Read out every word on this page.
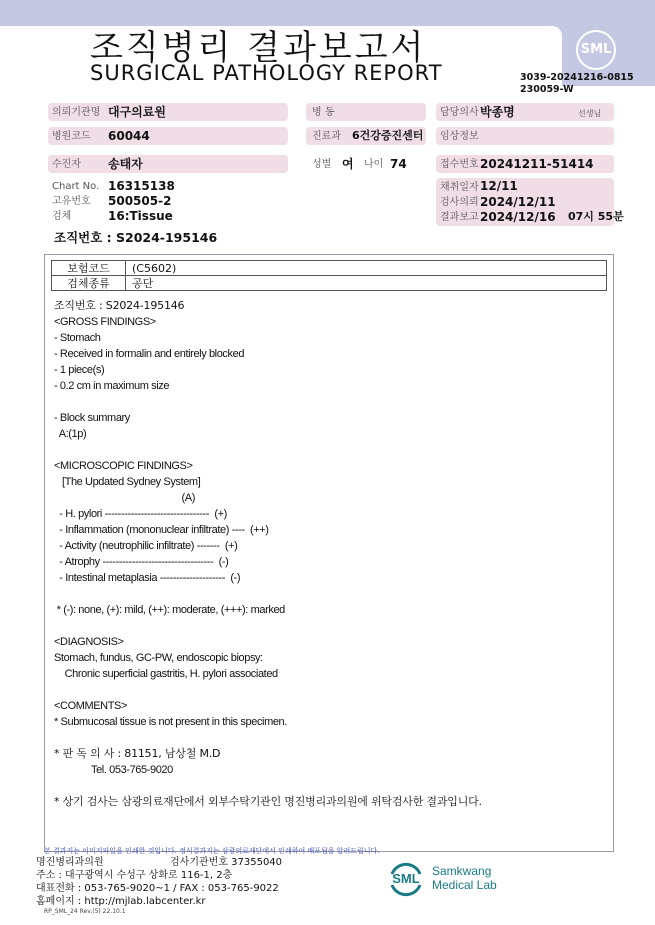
조직병리 결과보고서
SURGICAL PATHOLOGY REPORT
SML
3039-20241216-0815
230059-W
의뢰기관명 대구의료원	병 동	담당의사 박종명	선생님
병원코드 60044	진료과 6건강증진센터 임상정보
수진자 송태자	성별 여 나이 74	접수번호 20241211-51414
Chart No. 16315138
고유번호 500505-2
검체	16:Tissue
채취일자 12/11
검사의뢰 2024/12/11
결과보고 2024/12/16 07시 55분
조직번호 : S2024-195146
보험코드	(C5602)
검체종류	공단
조직번호 : S2024-195146
<GROSS FINDINGS>
- Stomach
- Received in formalin and entirely blocked
- 1 piece(s)
- 0.2 cm in maximum size
- Block summary
A:(1p)
<MICROSCOPIC FINDINGS>
[The Updated Sydney System]
(A)
- H. pylori --------------------------------  (+)
- Inflammation (mononuclear infiltrate) ----  (++)
- Activity (neutrophilic infiltrate) -------  (+)
- Atrophy ----------------------------------  (-)
- Intestinal metaplasia --------------------  (-)
* (-): none, (+): mild, (++): moderate, (+++): marked
<DIAGNOSIS>
Stomach, fundus, GC-PW, endoscopic biopsy:
Chronic superficial gastritis, H. pylori associated
<COMMENTS>
* Submucosal tissue is not present in this specimen.
* 판 독 의 사 : 81151, 남상철 M.D
Tel. 053-765-9020
* 상기 검사는 삼광의료재단에서 외부수탁기관인 명진병리과의원에 위탁검사한 결과입니다.
본 결과지는 이미지파일을 인쇄한 것입니다. 정식결과지는 삼광의료재단에서 인쇄하여 배포됨을 알려드립니다.
명진병리과의원	검사기관번호 37355040
주소 : 대구광역시 수성구 상화로 116-1, 2층
대표전화 : 053-765-9020~1 / FAX : 053-765-9022
홈페이지 : http://mjlab.labcenter.kr
RP_SML_24 Rev.(5) 22.10.1
SML Samkwang
Medical Lab
